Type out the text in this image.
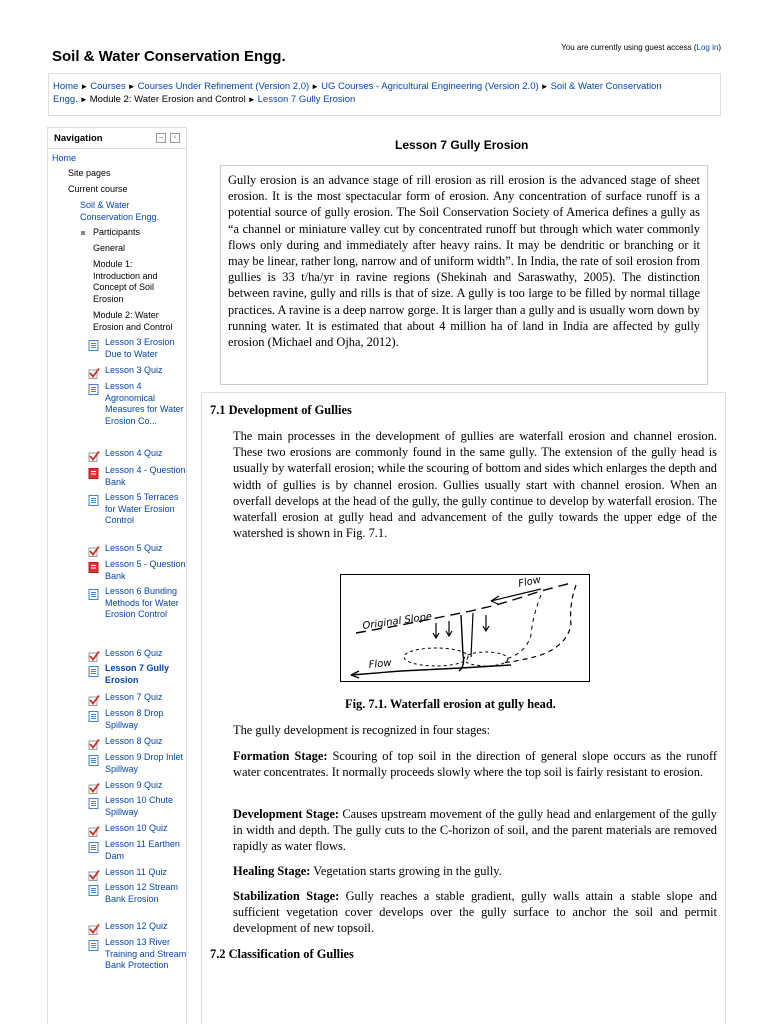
Soil & Water Conservation Engg.
You are currently using guest access (Log in)
Home ► Courses ► Courses Under Refinement (Version 2.0) ► UG Courses - Agricultural Engineering (Version 2.0) ► Soil & Water Conservation Engg. ► Module 2: Water Erosion and Control ► Lesson 7 Gully Erosion
Navigation	–	‹
Home
Site pages
Current course
Soil & Water Conservation Engg.
Participants
General
Module 1: Introduction and Concept of Soil Erosion
Module 2: Water Erosion and Control
Lesson 3 Erosion Due to Water
Lesson 3 Quiz
Lesson 4 Agronomical Measures for Water Erosion Co...
Lesson 4 Quiz
Lesson 4 - Question Bank
Lesson 5 Terraces for Water Erosion Control
Lesson 5 Quiz
Lesson 5 - Question Bank
Lesson 6 Bunding Methods for Water Erosion Control
Lesson 6 Quiz
Lesson 7 Gully Erosion
Lesson 7 Quiz
Lesson 8 Drop Spillway
Lesson 8 Quiz
Lesson 9 Drop Inlet Spillway
Lesson 9 Quiz
Lesson 10 Chute Spillway
Lesson 10 Quiz
Lesson 11 Earthen Dam
Lesson 11 Quiz
Lesson 12 Stream Bank Erosion
Lesson 12 Quiz
Lesson 13 River Training and Stream Bank Protection
Lesson 7 Gully Erosion
Gully erosion is an advance stage of rill erosion as rill erosion is the advanced stage of sheet erosion. It is the most spectacular form of erosion. Any concentration of surface runoff is a potential source of gully erosion. The Soil Conservation Society of America defines a gully as “a channel or miniature valley cut by concentrated runoff but through which water commonly flows only during and immediately after heavy rains. It may be dendritic or branching or it may be linear, rather long, narrow and of uniform width”. In India, the rate of soil erosion from gullies is 33 t/ha/yr in ravine regions (Shekinah and Saraswathy, 2005). The distinction between ravine, gully and rills is that of size. A gully is too large to be filled by normal tillage practices. A ravine is a deep narrow gorge. It is larger than a gully and is usually worn down by running water. It is estimated that about 4 million ha of land in India are affected by gully erosion (Michael and Ojha, 2012).
7.1 Development of Gullies
The main processes in the development of gullies are waterfall erosion and channel erosion. These two erosions are commonly found in the same gully. The extension of the gully head is usually by waterfall erosion; while the scouring of bottom and sides which enlarges the depth and width of gullies is by channel erosion. Gullies usually start with channel erosion. When an overfall develops at the head of the gully, the gully continue to develop by waterfall erosion. The waterfall erosion at gully head and advancement of the gully towards the upper edge of the watershed is shown in Fig. 7.1.
Original Slope
Flow
Flow
Fig. 7.1. Waterfall erosion at gully head.
The gully development is recognized in four stages:
Formation Stage: Scouring of top soil in the direction of general slope occurs as the runoff water concentrates. It normally proceeds slowly where the top soil is fairly resistant to erosion.
Development Stage: Causes upstream movement of the gully head and enlargement of the gully in width and depth. The gully cuts to the C-horizon of soil, and the parent materials are removed rapidly as water flows.
Healing Stage: Vegetation starts growing in the gully.
Stabilization Stage: Gully reaches a stable gradient, gully walls attain a stable slope and sufficient vegetation cover develops over the gully surface to anchor the soil and permit development of new topsoil.
7.2 Classification of Gullies
